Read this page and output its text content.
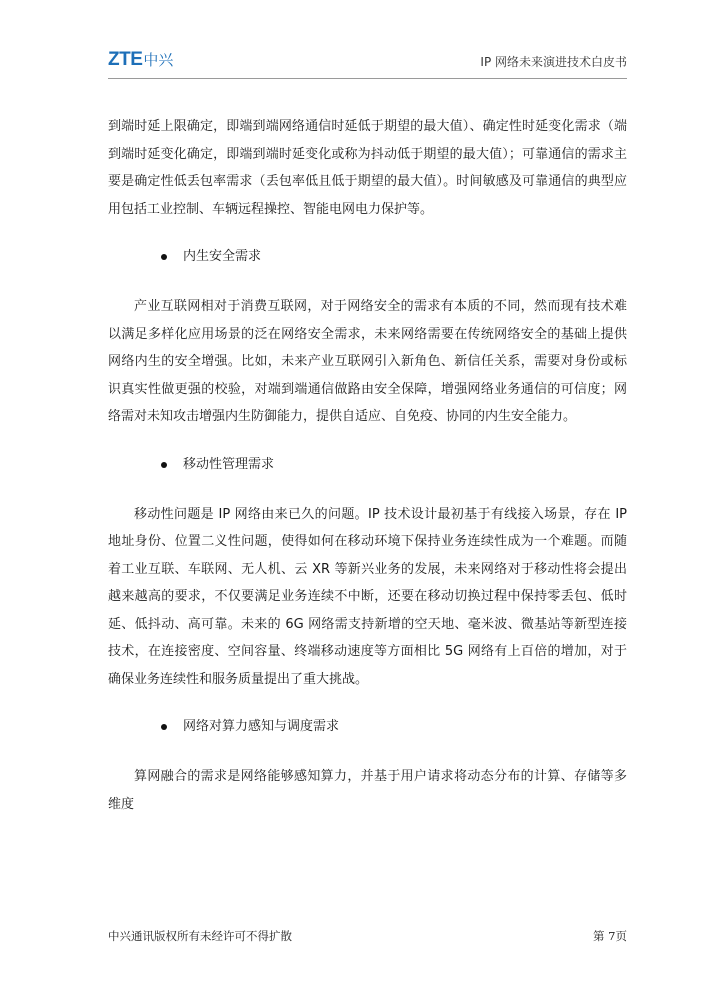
ZTE 中兴	IP 网络未来演进技术白皮书

到端时延上限确定，即端到端网络通信时延低于期望的最大值）、确定性时延变化需求（端到端时延变化确定，即端到端时延变化或称为抖动低于期望的最大值）；可靠通信的需求主要是确定性低丢包率需求（丢包率低且低于期望的最大值）。时间敏感及可靠通信的典型应用包括工业控制、车辆远程操控、智能电网电力保护等。

内生安全需求

产业互联网相对于消费互联网，对于网络安全的需求有本质的不同，然而现有技术难以满足多样化应用场景的泛在网络安全需求，未来网络需要在传统网络安全的基础上提供网络内生的安全增强。比如，未来产业互联网引入新角色、新信任关系，需要对身份或标识真实性做更强的校验，对端到端通信做路由安全保障，增强网络业务通信的可信度；网络需对未知攻击增强内生防御能力，提供自适应、自免疫、协同的内生安全能力。

移动性管理需求

移动性问题是 IP 网络由来已久的问题。IP 技术设计最初基于有线接入场景，存在 IP 地址身份、位置二义性问题，使得如何在移动环境下保持业务连续性成为一个难题。而随着工业互联、车联网、无人机、云 XR 等新兴业务的发展，未来网络对于移动性将会提出越来越高的要求，不仅要满足业务连续不中断，还要在移动切换过程中保持零丢包、低时延、低抖动、高可靠。未来的 6G 网络需支持新增的空天地、毫米波、微基站等新型连接技术，在连接密度、空间容量、终端移动速度等方面相比 5G 网络有上百倍的增加，对于确保业务连续性和服务质量提出了重大挑战。

网络对算力感知与调度需求

算网融合的需求是网络能够感知算力，并基于用户请求将动态分布的计算、存储等多维度

中兴通讯版权所有未经许可不得扩散	第 7页
